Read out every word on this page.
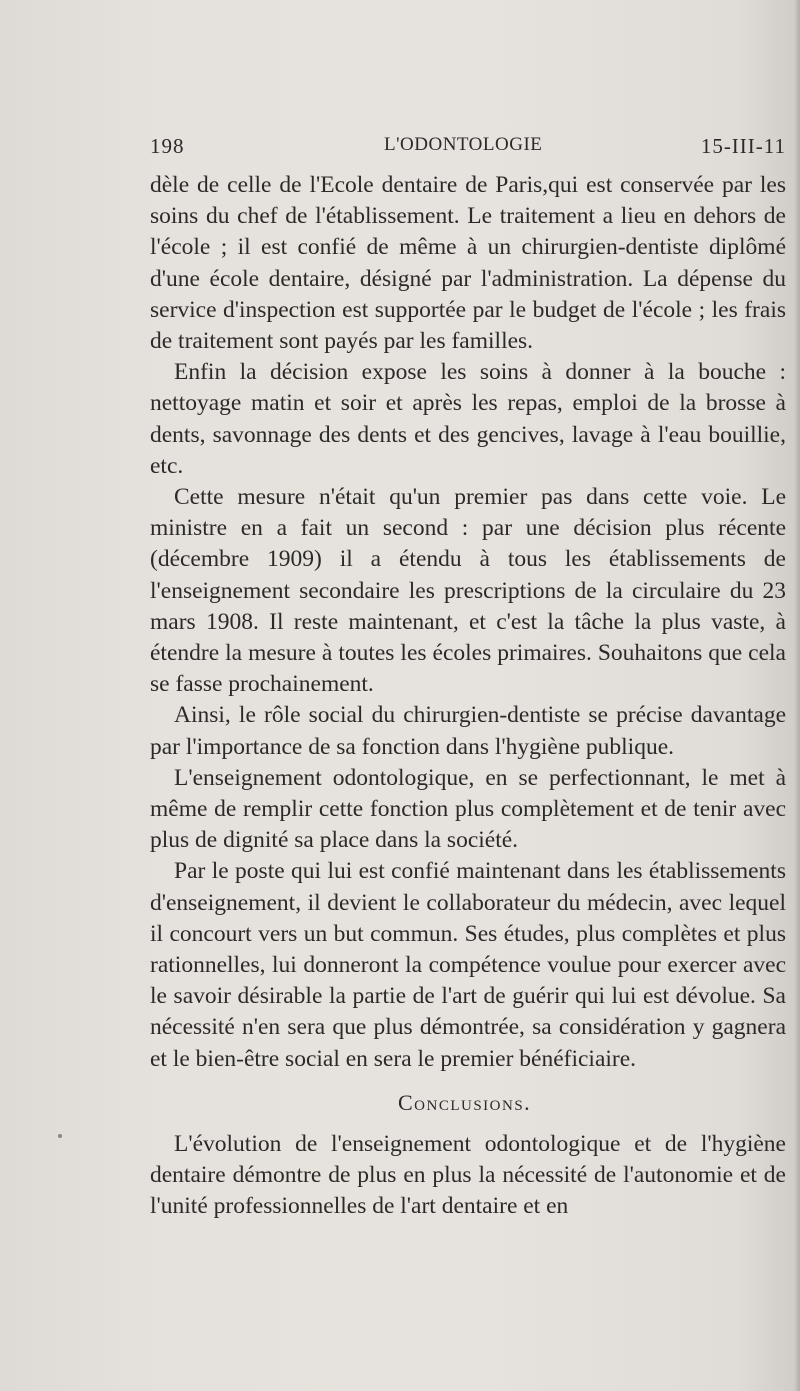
198	L'ODONTOLOGIE	15-III-11

dèle de celle de l'Ecole dentaire de Paris,qui est conservée par les soins du chef de l'établissement. Le traitement a lieu en dehors de l'école ; il est confié de même à un chirurgien-dentiste diplômé d'une école dentaire, désigné par l'administration. La dépense du service d'inspection est supportée par le budget de l'école ; les frais de traitement sont payés par les familles.

Enfin la décision expose les soins à donner à la bouche : nettoyage matin et soir et après les repas, emploi de la brosse à dents, savonnage des dents et des gencives, lavage à l'eau bouillie, etc.

Cette mesure n'était qu'un premier pas dans cette voie. Le ministre en a fait un second : par une décision plus récente (décembre 1909) il a étendu à tous les établissements de l'enseignement secondaire les prescriptions de la circulaire du 23 mars 1908. Il reste maintenant, et c'est la tâche la plus vaste, à étendre la mesure à toutes les écoles primaires. Souhaitons que cela se fasse prochainement.

Ainsi, le rôle social du chirurgien-dentiste se précise davantage par l'importance de sa fonction dans l'hygiène publique.

L'enseignement odontologique, en se perfectionnant, le met à même de remplir cette fonction plus complètement et de tenir avec plus de dignité sa place dans la société.

Par le poste qui lui est confié maintenant dans les établissements d'enseignement, il devient le collaborateur du médecin, avec lequel il concourt vers un but commun. Ses études, plus complètes et plus rationnelles, lui donneront la compétence voulue pour exercer avec le savoir désirable la partie de l'art de guérir qui lui est dévolue. Sa nécessité n'en sera que plus démontrée, sa considération y gagnera et le bien-être social en sera le premier bénéficiaire.

Conclusions.

L'évolution de l'enseignement odontologique et de l'hygiène dentaire démontre de plus en plus la nécessité de l'autonomie et de l'unité professionnelles de l'art dentaire et en
